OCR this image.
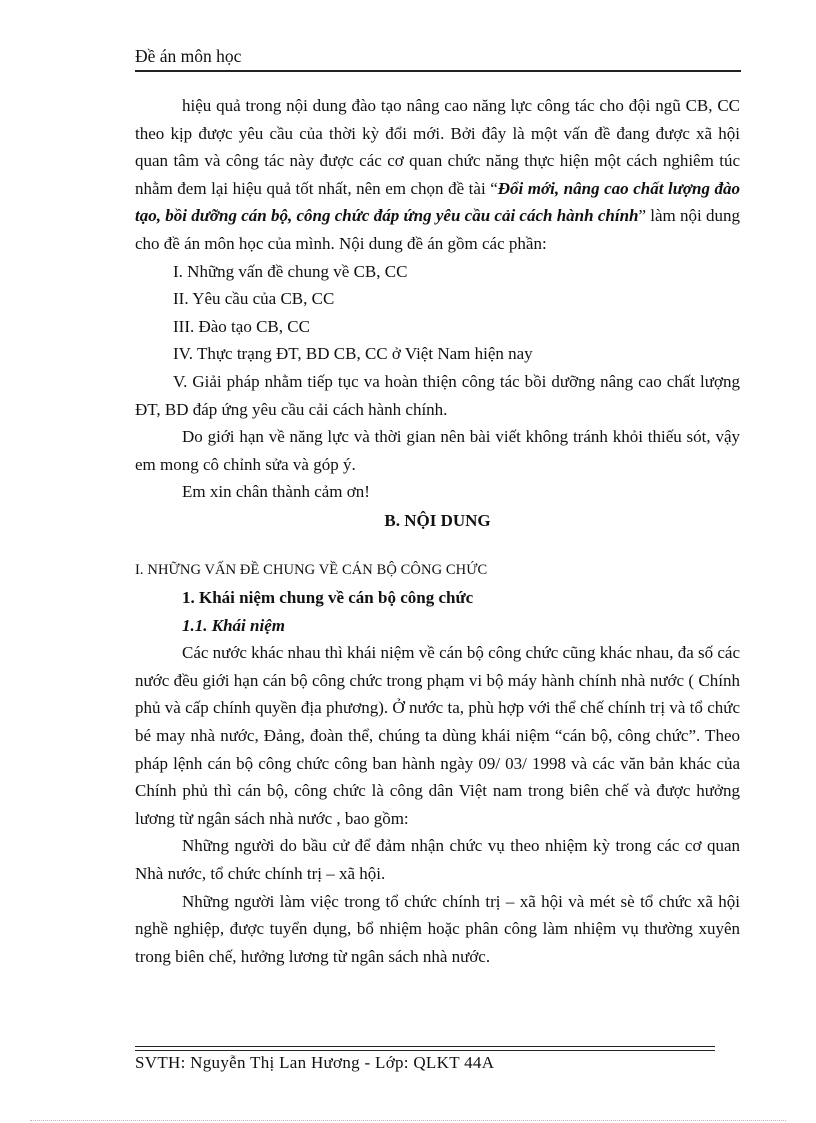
Đề án môn học

hiệu quả trong nội dung đào tạo nâng cao năng lực công tác cho đội ngũ CB, CC theo kịp được yêu cầu của thời kỳ đổi mới. Bởi đây là một vấn đề đang được xã hội quan tâm và công tác này được các cơ quan chức năng thực hiện một cách nghiêm túc nhằm đem lại hiệu quả tốt nhất, nên em chọn đề tài “Đổi mới, nâng cao chất lượng đào tạo, bồi dưỡng cán bộ, công chức đáp ứng yêu cầu cải cách hành chính” làm nội dung cho đề án môn học của mình. Nội dung đề án gồm các phần:

I. Những vấn đề chung về CB, CC

II. Yêu cầu của CB, CC

III. Đào tạo CB, CC

IV. Thực trạng ĐT, BD CB, CC ở Việt Nam hiện nay

V. Giải pháp nhằm tiếp tục va hoàn thiện công tác bồi dưỡng nâng cao chất lượng ĐT, BD đáp ứng yêu cầu cải cách hành chính.

Do giới hạn về năng lực và thời gian nên bài viết không tránh khỏi thiếu sót, vậy em mong cô chỉnh sửa và góp ý.

Em xin chân thành cảm ơn!

B. NỘI DUNG

I. NHỮNG VẤN ĐỀ CHUNG VỀ CÁN BỘ CÔNG CHỨC

1. Khái niệm chung về cán bộ công chức

1.1. Khái niệm

Các nước khác nhau thì khái niệm về cán bộ công chức cũng khác nhau, đa số các nước đều giới hạn cán bộ công chức trong phạm vi bộ máy hành chính nhà nước ( Chính phủ và cấp chính quyền địa phương). Ở nước ta, phù hợp với thể chế chính trị và tổ chức bé may nhà nước, Đảng, đoàn thể, chúng ta dùng khái niệm “cán bộ, công chức”. Theo pháp lệnh cán bộ công chức công ban hành ngày 09/ 03/ 1998 và các văn bản khác của Chính phủ thì cán bộ, công chức là công dân Việt nam trong biên chế và được hưởng lương từ ngân sách nhà nước , bao gồm:

Những người do bầu cử để đảm nhận chức vụ theo nhiệm kỳ trong các cơ quan Nhà nước, tổ chức chính trị – xã hội.

Những người làm việc trong tổ chức chính trị – xã hội và mét sè tổ chức xã hội nghề nghiệp, được tuyển dụng, bổ nhiệm hoặc phân công làm nhiệm vụ thường xuyên trong biên chế, hưởng lương từ ngân sách nhà nước.

SVTH: Nguyễn Thị Lan Hương - Lớp: QLKT 44A
